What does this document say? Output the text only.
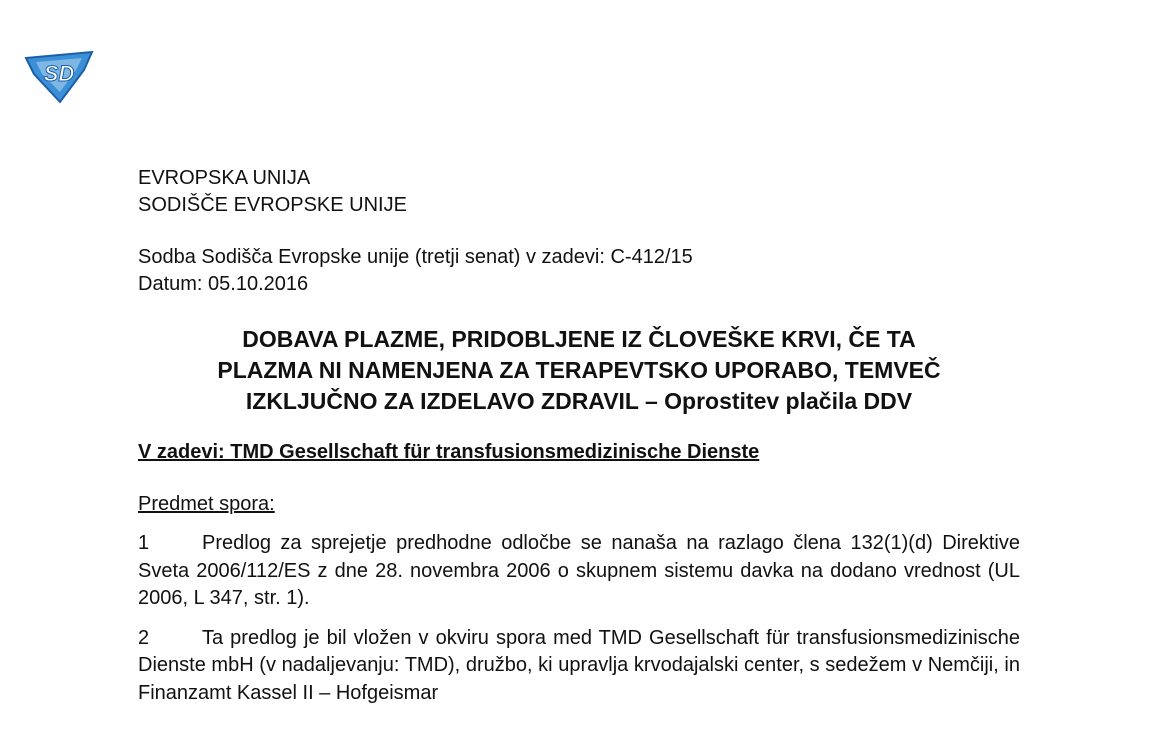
SD
EVROPSKA UNIJA
SODIŠČE EVROPSKE UNIJE
Sodba Sodišča Evropske unije (tretji senat) v zadevi: C-412/15
Datum: 05.10.2016
DOBAVA PLAZME, PRIDOBLJENE IZ ČLOVEŠKE KRVI, ČE TA
PLAZMA NI NAMENJENA ZA TERAPEVTSKO UPORABO, TEMVEČ
IZKLJUČNO ZA IZDELAVO ZDRAVIL – Oprostitev plačila DDV
V zadevi: TMD Gesellschaft für transfusionsmedizinische Dienste
Predmet spora:
1	Predlog za sprejetje predhodne odločbe se nanaša na razlago člena 132(1)(d) Direktive Sveta 2006/112/ES z dne 28. novembra 2006 o skupnem sistemu davka na dodano vrednost (UL 2006, L 347, str. 1).
2	Ta predlog je bil vložen v okviru spora med TMD Gesellschaft für transfusionsmedizinische Dienste mbH (v nadaljevanju: TMD), družbo, ki upravlja krvodajalski center, s sedežem v Nemčiji, in Finanzamt Kassel II – Hofgeismar
